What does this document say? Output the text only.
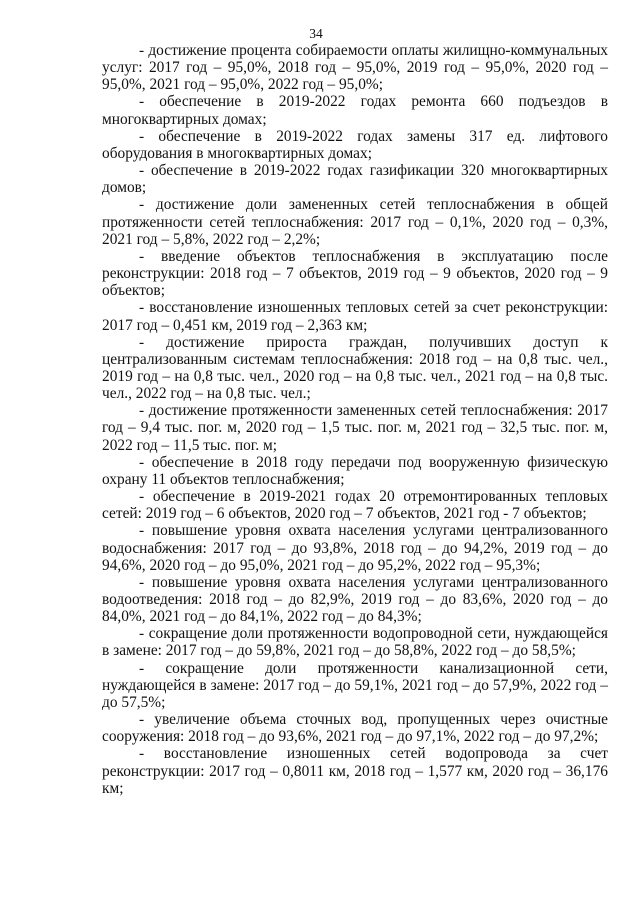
34

- достижение процента собираемости оплаты жилищно-коммунальных услуг: 2017 год – 95,0%, 2018 год – 95,0%, 2019 год – 95,0%, 2020 год – 95,0%, 2021 год – 95,0%, 2022 год – 95,0%;

- обеспечение в 2019-2022 годах ремонта 660 подъездов в многоквартирных домах;

- обеспечение в 2019-2022 годах замены 317 ед. лифтового оборудования в многоквартирных домах;

- обеспечение в 2019-2022 годах газификации 320 многоквартирных домов;

- достижение доли замененных сетей теплоснабжения в общей протяженности сетей теплоснабжения: 2017 год – 0,1%, 2020 год – 0,3%, 2021 год – 5,8%, 2022 год – 2,2%;

- введение объектов теплоснабжения в эксплуатацию после реконструкции: 2018 год – 7 объектов, 2019 год – 9 объектов, 2020 год – 9 объектов;

- восстановление изношенных тепловых сетей за счет реконструкции: 2017 год – 0,451 км, 2019 год – 2,363 км;

- достижение прироста граждан, получивших доступ к централизованным системам теплоснабжения: 2018 год – на 0,8 тыс. чел., 2019 год – на 0,8 тыс. чел., 2020 год – на 0,8 тыс. чел., 2021 год – на 0,8 тыс. чел., 2022 год – на 0,8 тыс. чел.;

- достижение протяженности замененных сетей теплоснабжения: 2017 год – 9,4 тыс. пог. м, 2020 год – 1,5 тыс. пог. м, 2021 год – 32,5 тыс. пог. м, 2022 год – 11,5 тыс. пог. м;

- обеспечение в 2018 году передачи под вооруженную физическую охрану 11 объектов теплоснабжения;

- обеспечение в 2019-2021 годах 20 отремонтированных тепловых сетей: 2019 год – 6 объектов, 2020 год – 7 объектов, 2021 год - 7 объектов;

- повышение уровня охвата населения услугами централизованного водоснабжения: 2017 год – до 93,8%, 2018 год – до 94,2%, 2019 год – до 94,6%, 2020 год – до 95,0%, 2021 год – до 95,2%, 2022 год – 95,3%;

- повышение уровня охвата населения услугами централизованного водоотведения: 2018 год – до 82,9%, 2019 год – до 83,6%, 2020 год – до 84,0%, 2021 год – до 84,1%, 2022 год – до 84,3%;

- сокращение доли протяженности водопроводной сети, нуждающейся в замене: 2017 год – до 59,8%, 2021 год – до 58,8%, 2022 год – до 58,5%;

- сокращение доли протяженности канализационной сети, нуждающейся в замене: 2017 год – до 59,1%, 2021 год – до 57,9%, 2022 год – до 57,5%;

- увеличение объема сточных вод, пропущенных через очистные сооружения: 2018 год – до 93,6%, 2021 год – до 97,1%, 2022 год – до 97,2%;

- восстановление изношенных сетей водопровода за счет реконструкции: 2017 год – 0,8011 км, 2018 год – 1,577 км, 2020 год – 36,176 км;
